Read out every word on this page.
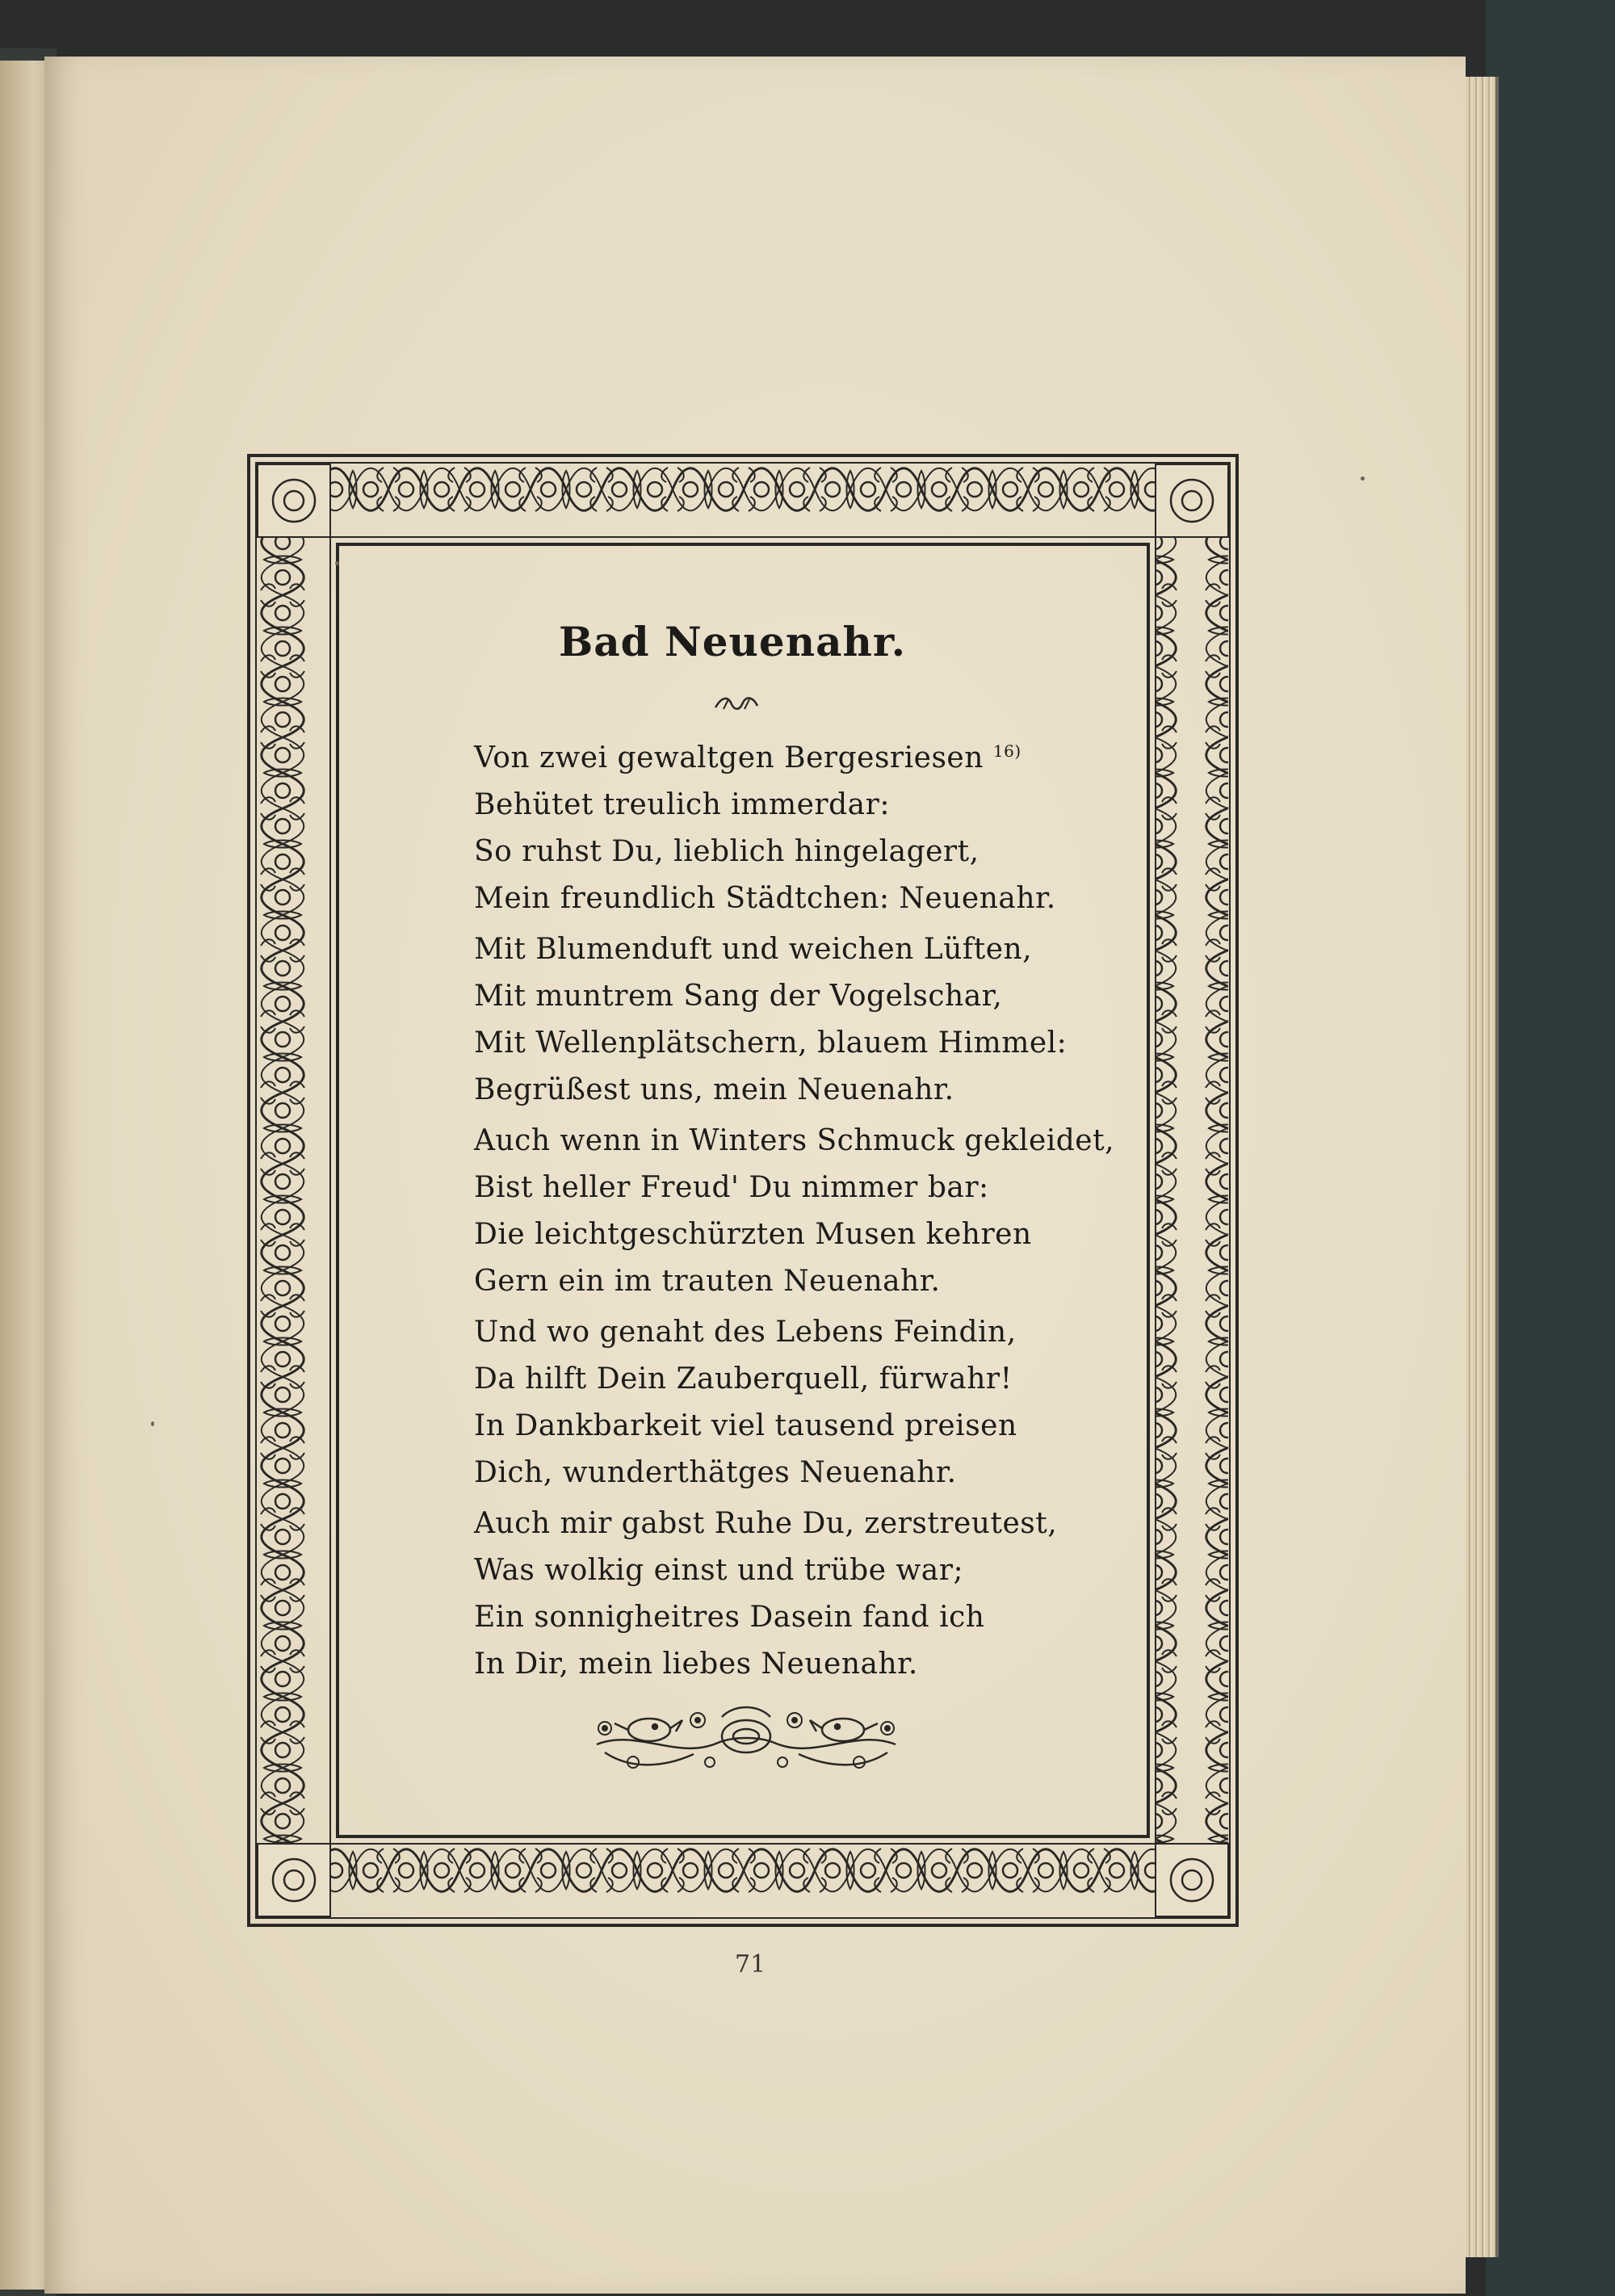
Bad Neuenahr.
Von zwei gewaltgen Bergesriesen $^{16)}$
Behütet treulich immerdar:
So ruhst Du, lieblich hingelagert,
Mein freundlich Städtchen: Neuenahr.
Mit Blumenduft und weichen Lüften,
Mit muntrem Sang der Vogelschar,
Mit Wellenplätschern, blauem Himmel:
Begrüßest uns, mein Neuenahr.
Auch wenn in Winters Schmuck gekleidet,
Bist heller Freud' Du nimmer bar:
Die leichtgeschürzten Musen kehren
Gern ein im trauten Neuenahr.
Und wo genaht des Lebens Feindin,
Da hilft Dein Zauberquell, fürwahr!
In Dankbarkeit viel tausend preisen
Dich, wunderthätges Neuenahr.
Auch mir gabst Ruhe Du, zerstreutest,
Was wolkig einst und trübe war;
Ein sonnigheitres Dasein fand ich
In Dir, mein liebes Neuenahr.
71
